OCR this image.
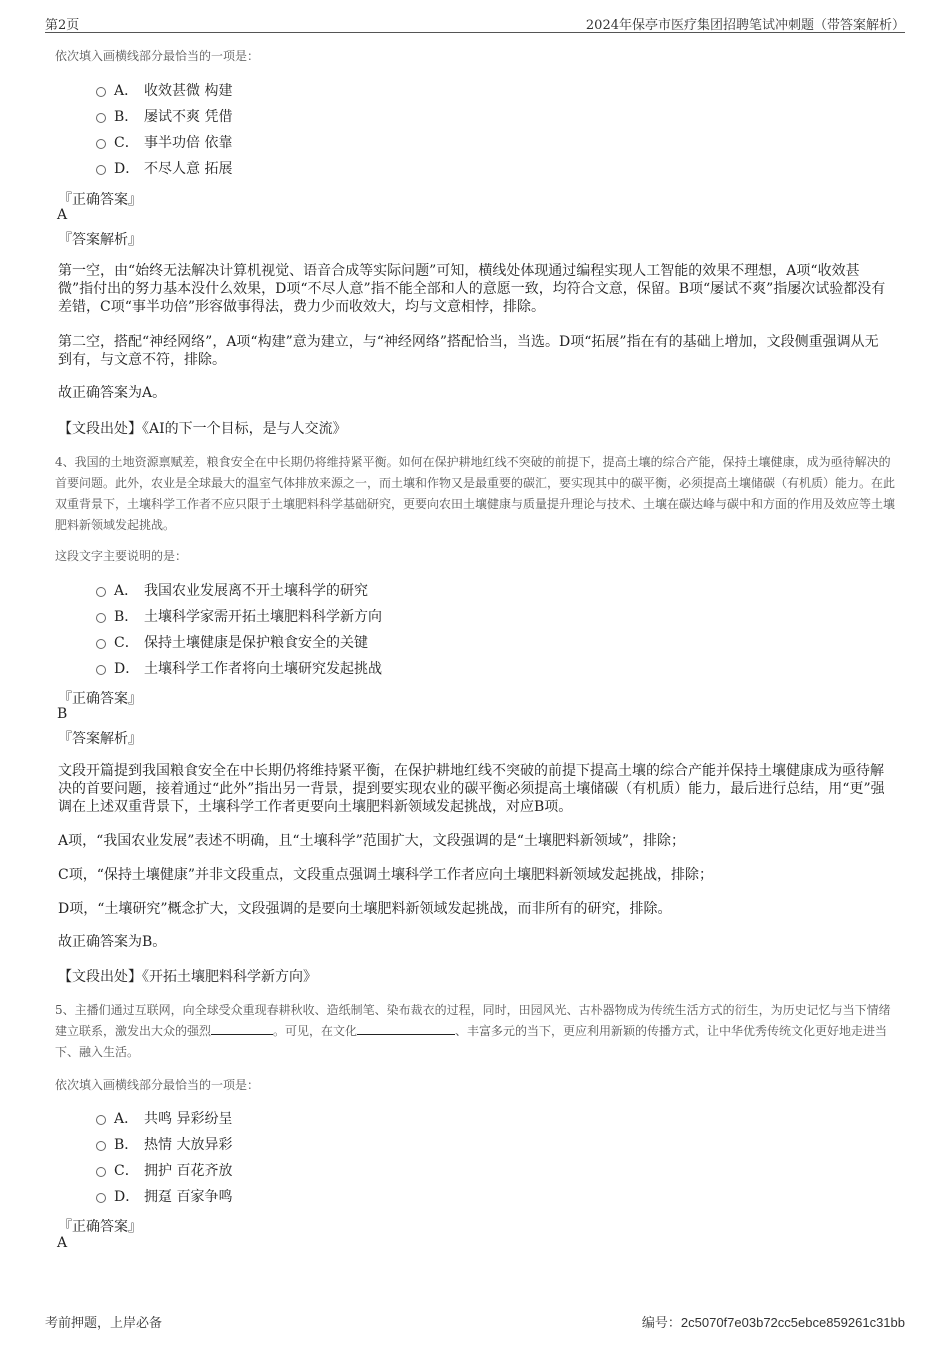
第2页	2024年保亭市医疗集团招聘笔试冲刺题（带答案解析）
依次填入画横线部分最恰当的一项是：
A． 收效甚微 构建
B． 屡试不爽 凭借
C． 事半功倍 依靠
D． 不尽人意 拓展
『正确答案』
A
『答案解析』
第一空，由“始终无法解决计算机视觉、语音合成等实际问题”可知，横线处体现通过编程实现人工智能的效果不理想，A项“收效甚微”指付出的努力基本没什么效果，D项“不尽人意”指不能全部和人的意愿一致，均符合文意，保留。B项“屡试不爽”指屡次试验都没有差错，C项“事半功倍”形容做事得法，费力少而收效大，均与文意相悖，排除。
第二空，搭配“神经网络”，A项“构建”意为建立，与“神经网络”搭配恰当，当选。D项“拓展”指在有的基础上增加，文段侧重强调从无到有，与文意不符，排除。
故正确答案为A。
【文段出处】《AI的下一个目标，是与人交流》
4、我国的土地资源禀赋差，粮食安全在中长期仍将维持紧平衡。如何在保护耕地红线不突破的前提下，提高土壤的综合产能，保持土壤健康，成为亟待解决的首要问题。此外，农业是全球最大的温室气体排放来源之一，而土壤和作物又是最重要的碳汇，要实现其中的碳平衡，必须提高土壤储碳（有机质）能力。在此双重背景下，土壤科学工作者不应只限于土壤肥料科学基础研究，更要向农田土壤健康与质量提升理论与技术、土壤在碳达峰与碳中和方面的作用及效应等土壤肥料新领域发起挑战。
这段文字主要说明的是：
A． 我国农业发展离不开土壤科学的研究
B． 土壤科学家需开拓土壤肥料科学新方向
C． 保持土壤健康是保护粮食安全的关键
D． 土壤科学工作者将向土壤研究发起挑战
『正确答案』
B
『答案解析』
文段开篇提到我国粮食安全在中长期仍将维持紧平衡，在保护耕地红线不突破的前提下提高土壤的综合产能并保持土壤健康成为亟待解决的首要问题，接着通过“此外”指出另一背景，提到要实现农业的碳平衡必须提高土壤储碳（有机质）能力，最后进行总结，用“更”强调在上述双重背景下，土壤科学工作者更要向土壤肥料新领域发起挑战，对应B项。
A项，“我国农业发展”表述不明确，且“土壤科学”范围扩大，文段强调的是“土壤肥料新领域”，排除；
C项，“保持土壤健康”并非文段重点，文段重点强调土壤科学工作者应向土壤肥料新领域发起挑战，排除；
D项，“土壤研究”概念扩大，文段强调的是要向土壤肥料新领域发起挑战，而非所有的研究，排除。
故正确答案为B。
【文段出处】《开拓土壤肥料科学新方向》
5、主播们通过互联网，向全球受众重现春耕秋收、造纸制笔、染布裁衣的过程，同时，田园风光、古朴器物成为传统生活方式的衍生，为历史记忆与当下情绪建立联系，激发出大众的强烈	。可见，在文化	、丰富多元的当下，更应利用新颖的传播方式，让中华优秀传统文化更好地走进当下、融入生活。
依次填入画横线部分最恰当的一项是：
A． 共鸣 异彩纷呈
B． 热情 大放异彩
C． 拥护 百花齐放
D． 拥趸 百家争鸣
『正确答案』
A
考前押题，上岸必备	编号：2c5070f7e03b72cc5ebce859261c31bb
